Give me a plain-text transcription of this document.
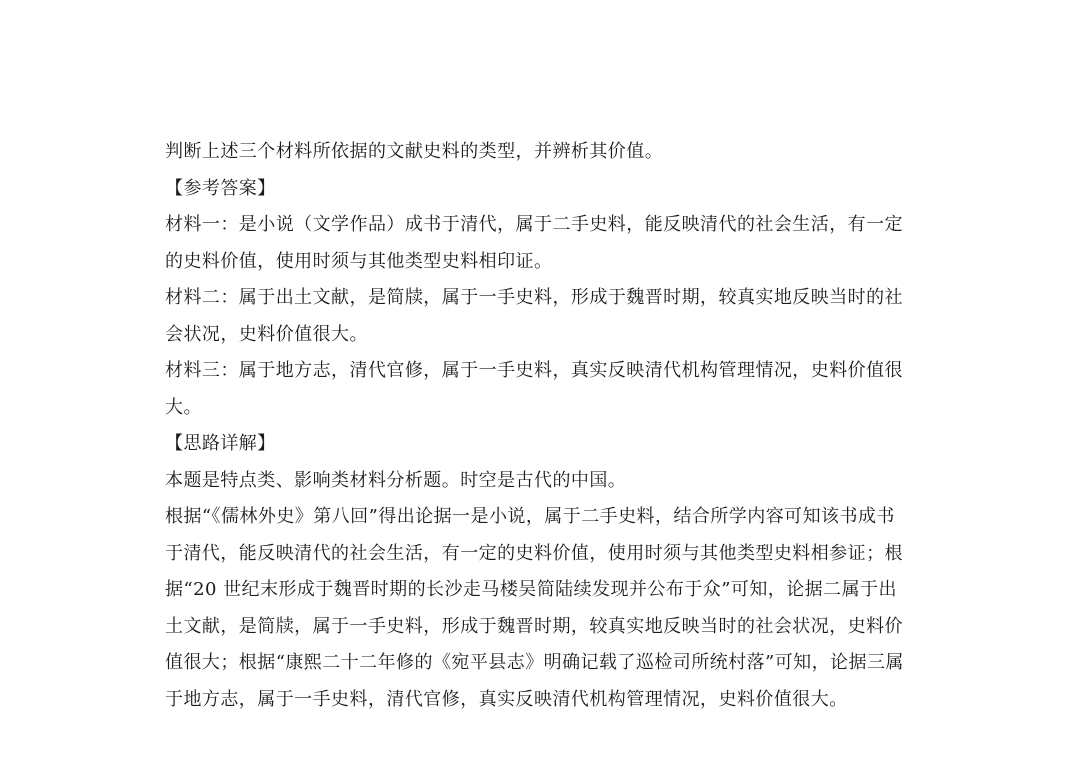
判断上述三个材料所依据的文献史料的类型，并辨析其价值。
【参考答案】
材料一：是小说（文学作品）成书于清代，属于二手史料，能反映清代的社会生活，有一定
的史料价值，使用时须与其他类型史料相印证。
材料二：属于出土文献，是简牍，属于一手史料，形成于魏晋时期，较真实地反映当时的社
会状况，史料价值很大。
材料三：属于地方志，清代官修，属于一手史料，真实反映清代机构管理情况，史料价值很
大。
【思路详解】
本题是特点类、影响类材料分析题。时空是古代的中国。
根据“《儒林外史》第八回”得出论据一是小说，属于二手史料，结合所学内容可知该书成书
于清代，能反映清代的社会生活，有一定的史料价值，使用时须与其他类型史料相参证；根
据“20 世纪末形成于魏晋时期的长沙走马楼吴简陆续发现并公布于众”可知，论据二属于出
土文献，是简牍，属于一手史料，形成于魏晋时期，较真实地反映当时的社会状况，史料价
值很大；根据“康熙二十二年修的《宛平县志》明确记载了巡检司所统村落”可知，论据三属
于地方志，属于一手史料，清代官修，真实反映清代机构管理情况，史料价值很大。
